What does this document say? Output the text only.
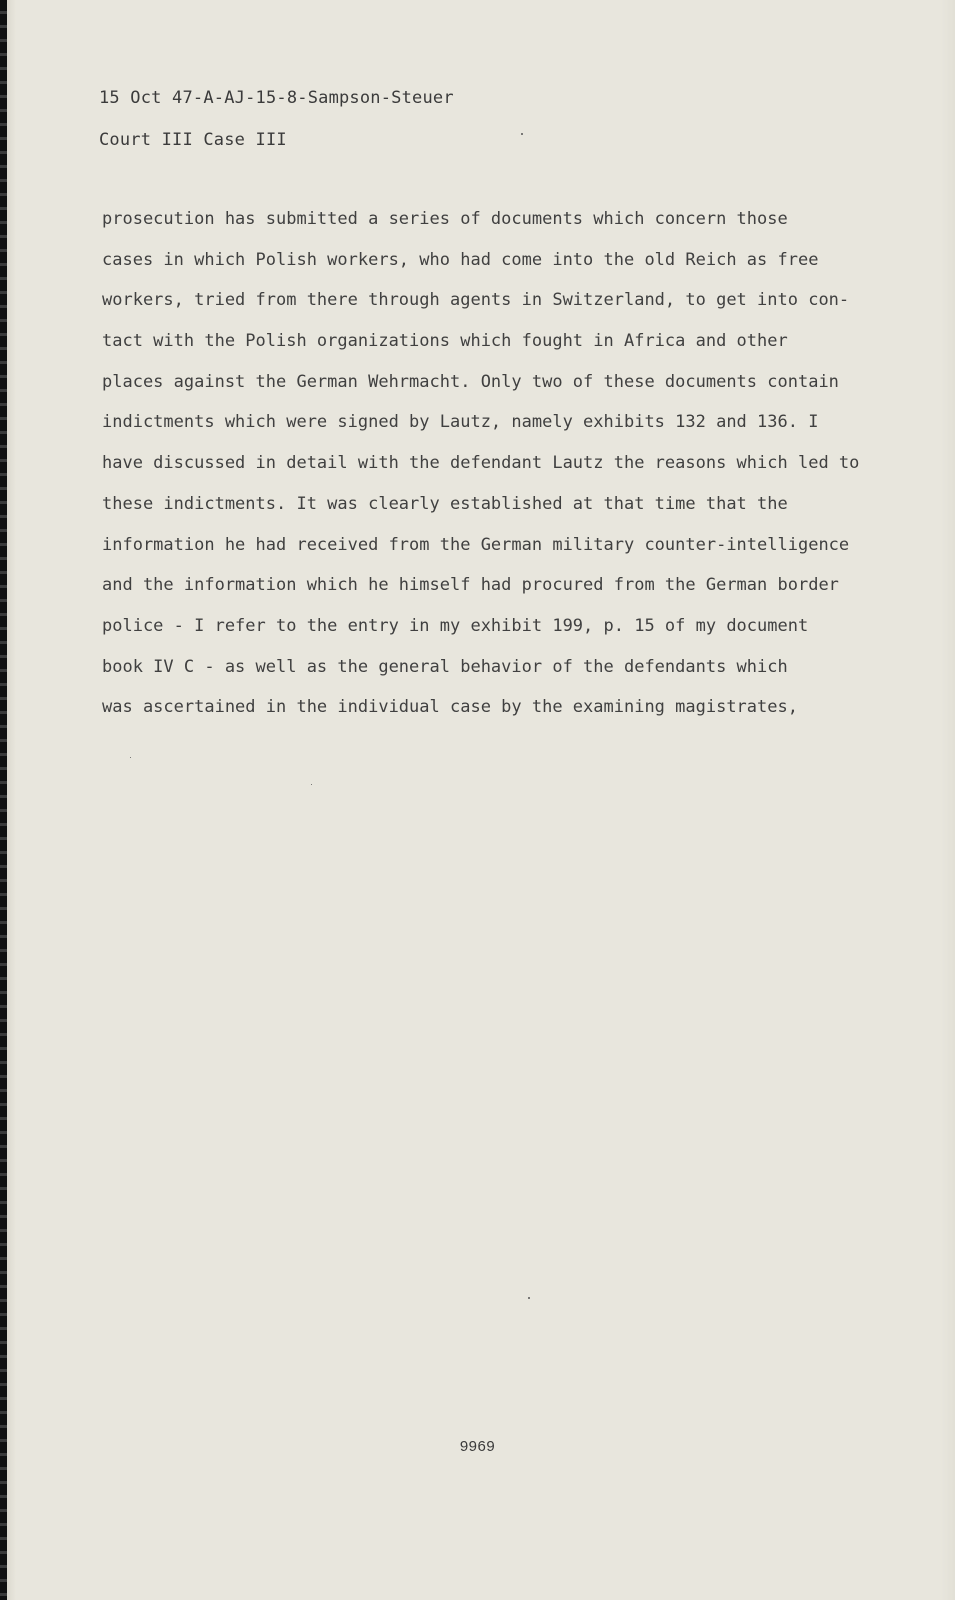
15 Oct 47-A-AJ-15-8-Sampson-Steuer
Court III Case III
prosecution has submitted a series of documents which concern those
cases in which Polish workers, who had come into the old Reich as free
workers, tried from there through agents in Switzerland, to get into con-
tact with the Polish organizations which fought in Africa and other
places against the German Wehrmacht. Only two of these documents contain
indictments which were signed by Lautz, namely exhibits 132 and 136. I
have discussed in detail with the defendant Lautz the reasons which led to
these indictments. It was clearly established at that time that the
information he had received from the German military counter-intelligence
and the information which he himself had procured from the German border
police - I refer to the entry in my exhibit 199, p. 15 of my document
book IV C - as well as the general behavior of the defendants which
was ascertained in the individual case by the examining magistrates,
9969
